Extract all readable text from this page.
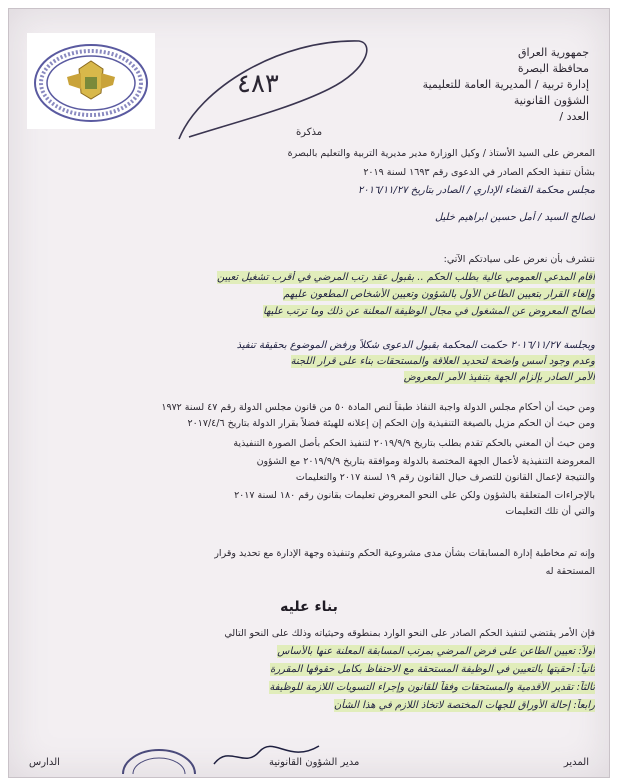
جمهورية العراق
محافظة البصرة
إدارة تربية / المديرية العامة للتعليمية
الشؤون القانونية
العدد /
٤٨٣
مذكرة
المعرض على السيد الأستاذ / وكيل الوزارة مدير مديرية التربية والتعليم بالبصرة
بشأن تنفيذ الحكم الصادر في الدعوى رقم ١٦٩٣ لسنة ٢٠١٩
مجلس محكمة القضاء الإداري / الصادر بتاريخ ٢٠١٦/١١/٢٧
لصالح السيد / أمل حسين ابراهيم خليل
نتشرف بأن نعرض على سيادتكم الآتي:
أقام المدعي العمومي عالية بطلب الحكم .. بقبول عقد رتب المرضي في أقرب تشغيل تعيين
وإلغاء القرار بتعيين الطاعن الأول بالشؤون وتعيين الأشخاص المطعون عليهم
لصالح المعروض عن المشغول في مجال الوظيفة المعلنة عن ذلك وما ترتب عليها
وبجلسة ٢٠١٦/١١/٢٧ حكمت المحكمة بقبول الدعوى شكلاً ورفض الموضوع بحقيقة تنفيذ
وعدم وجود أسس واضحة لتحديد العلاقة والمستحقات بناء على قرار اللجنة
الأمر الصادر بإلزام الجهة بتنفيذ الأمر المعروض
ومن حيث أن أحكام مجلس الدولة واجبة النفاذ طبقاً لنص المادة ٥٠ من قانون مجلس الدولة رقم ٤٧ لسنة ١٩٧٢
ومن حيث أن الحكم مزيل بالصيغة التنفيذية وإن الحكم إن إعلانه للهيئة فضلاً بقرار الدولة بتاريخ ٢٠١٧/٤/٦
ومن حيث أن المعني بالحكم تقدم بطلب بتاريخ ٢٠١٩/٩/٩ لتنفيذ الحكم بأصل الصورة التنفيذية
المعروضة التنفيذية لأعمال الجهة المختصة بالدولة وموافقة بتاريخ ٢٠١٩/٩/٩ مع الشؤون
والنتيجة لإعمال القانون للتصرف حيال القانون رقم ١٩ لسنة ٢٠١٧ والتعليمات
بالإجراءات المتعلقة بالشؤون ولكن على النحو المعروض تعليمات بقانون رقم ١٨٠ لسنة ٢٠١٧
والتي أن تلك التعليمات
وإنه تم مخاطبة إدارة المسابقات بشأن مدى مشروعية الحكم وتنفيذه وجهة الإدارة مع تحديد وقرار
المستحقة له
بناء عليه
فإن الأمر يقتضي لتنفيذ الحكم الصادر على النحو الوارد بمنطوقه وحيثياته وذلك على النحو التالي
أولاً: تعيين الطاعن على فرض المرضي بمرتب المسابقة المعلنة عنها بالأساس
ثانياً: أحقيتها بالتعيين في الوظيفة المستحقة مع الاحتفاظ بكامل حقوقها المقررة
ثالثاً: تقدير الأقدمية والمستحقات وفقاً للقانون وإجراء التسويات اللازمة للوظيفة
رابعاً: إحالة الأوراق للجهات المختصة لاتخاذ اللازم في هذا الشأن
الدارس	مدير الشؤون القانونية	المدير
